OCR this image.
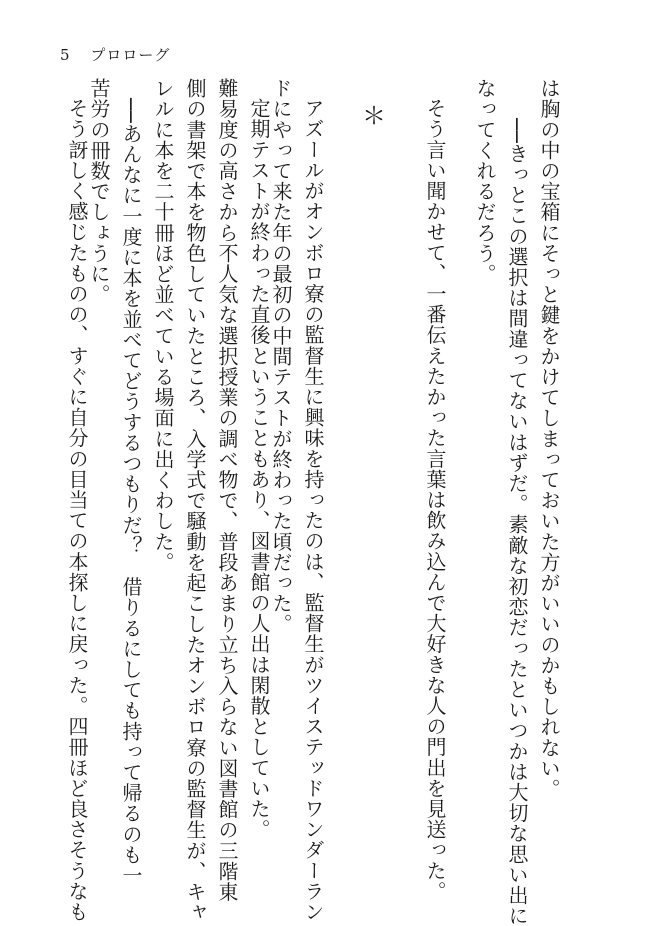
5 プロローグ
＊	は胸の中の宝箱にそっと鍵をかけてしまっておいた方がいいのかもしれない。
──きっとこの選択は間違ってないはずだ。素敵な初恋だったといつかは大切な思い出に
なってくれるだろう。
そう言い聞かせて、一番伝えたかった言葉は飲み込んで大好きな人の門出を見送った。
アズールがオンボロ寮の監督生に興味を持ったのは、監督生がツイステッドワンダーラン
ドにやって来た年の最初の中間テストが終わった頃だった。
定期テストが終わった直後ということもあり、図書館の人出は閑散としていた。
難易度の高さから不人気な選択授業の調べ物で、普段あまり立ち入らない図書館の三階東
側の書架で本を物色していたところ、入学式で騒動を起こしたオンボロ寮の監督生が、キャ
レルに本を二十冊ほど並べている場面に出くわした。
──あんなに一度に本を並べてどうするつもりだ？　借りるにしても持って帰るのも一
苦労の冊数でしょうに。
そう訝しく感じたものの、すぐに自分の目当ての本探しに戻った。四冊ほど良さそうなも
